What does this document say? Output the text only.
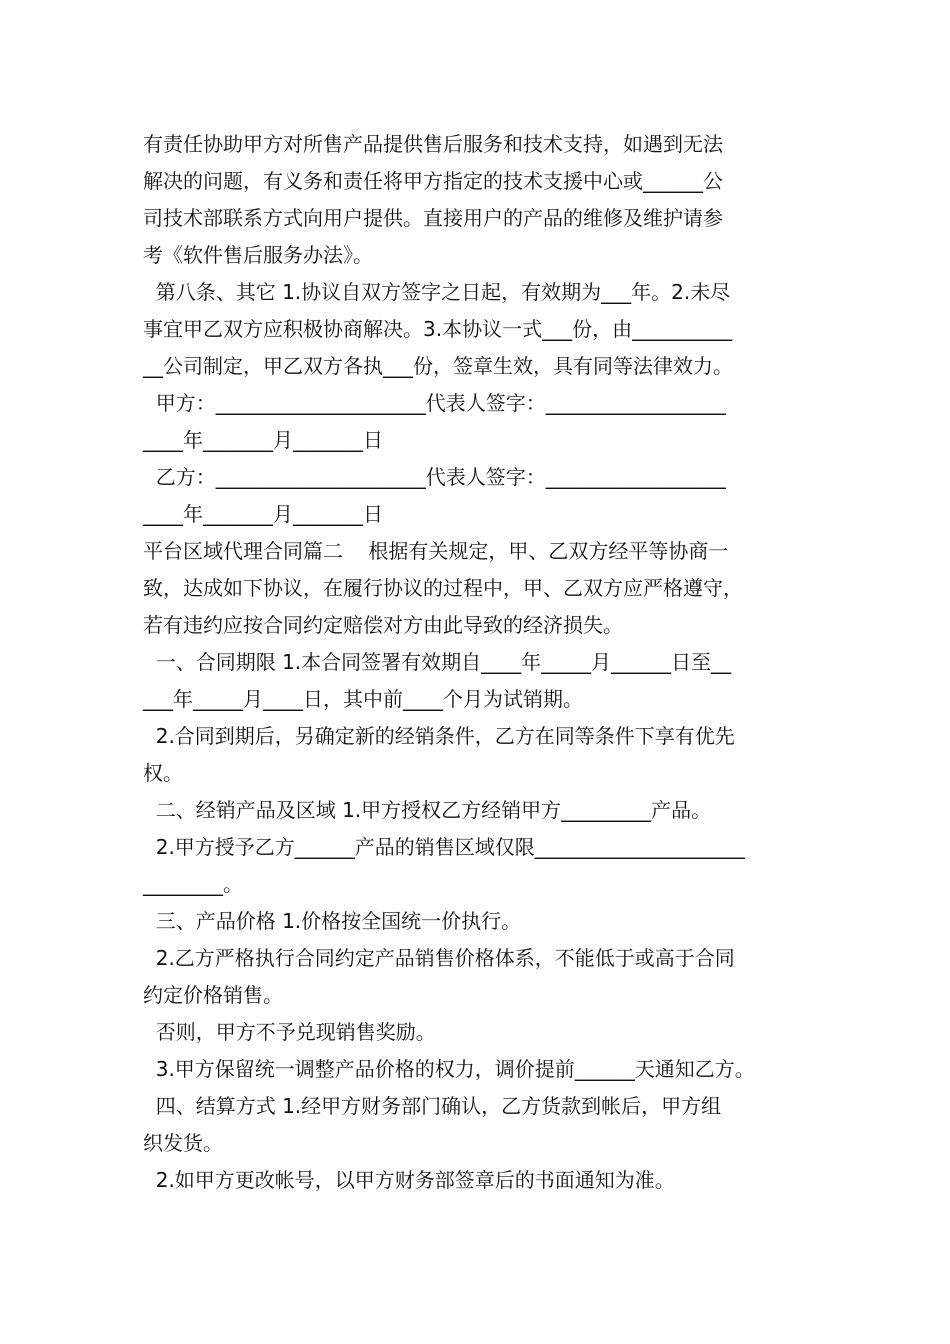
有责任协助甲方对所售产品提供售后服务和技术支持，如遇到无法
解决的问题，有义务和责任将甲方指定的技术支援中心或______公
司技术部联系方式向用户提供。直接用户的产品的维修及维护请参
考《软件售后服务办法》。
第八条、其它 1.协议自双方签字之日起，有效期为___年。2.未尽
事宜甲乙双方应积极协商解决。3.本协议一式___份，由__________
__公司制定，甲乙双方各执___份，签章生效，具有同等法律效力。
甲方：_____________________代表人签字：__________________
____年_______月_______日
乙方：_____________________代表人签字：__________________
____年_______月_______日
平台区域代理合同篇二    根据有关规定，甲、乙双方经平等协商一
致，达成如下协议，在履行协议的过程中，甲、乙双方应严格遵守，
若有违约应按合同约定赔偿对方由此导致的经济损失。
一、合同期限 1.本合同签署有效期自____年_____月______日至__
___年_____月____日，其中前____个月为试销期。
2.合同到期后，另确定新的经销条件，乙方在同等条件下享有优先
权。
二、经销产品及区域 1.甲方授权乙方经销甲方_________产品。
2.甲方授予乙方______产品的销售区域仅限_____________________
________。
三、产品价格 1.价格按全国统一价执行。
2.乙方严格执行合同约定产品销售价格体系，不能低于或高于合同
约定价格销售。
否则，甲方不予兑现销售奖励。
3.甲方保留统一调整产品价格的权力，调价提前______天通知乙方。
四、结算方式 1.经甲方财务部门确认，乙方货款到帐后，甲方组
织发货。
2.如甲方更改帐号，以甲方财务部签章后的书面通知为准。
